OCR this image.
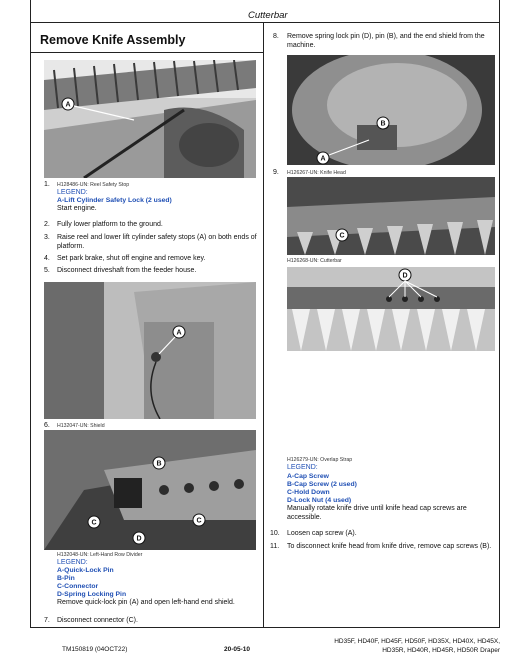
Cutterbar
Remove Knife Assembly
A
1. H128486-UN: Reel Safety Stop
LEGEND:
A-Lift Cylinder Safety Lock (2 used)
Start engine.
2. Fully lower platform to the ground.
3. Raise reel and lower lift cylinder safety stops (A) on both ends of platform.
4. Set park brake, shut off engine and remove key.
5. Disconnect driveshaft from the feeder house.
A
6. H132047-UN: Shield
B
C	C
D
H132048-UN: Left-Hand Row Divider
LEGEND:
A-Quick-Lock Pin
B-Pin
C-Connector
D-Spring Locking Pin
Remove quick-lock pin (A) and open left-hand end shield.
7. Disconnect connector (C).
8. Remove spring lock pin (D), pin (B), and the end shield from the machine.
B
A
9. H126267-UN: Knife Head
C
H126268-UN: Cutterbar
D
H126279-UN: Overlap Strap
LEGEND:
A-Cap Screw
B-Cap Screw (2 used)
C-Hold Down
D-Lock Nut (4 used)
Manually rotate knife drive until knife head cap screws are accessible.
10. Loosen cap screw (A).
11. To disconnect knife head from knife drive, remove cap screws (B).
TM150819 (04OCT22)	20-05-10
HD35F, HD40F, HD45F, HD50F, HD35X, HD40X, HD45X,
HD35R, HD40R, HD45R, HD50R Draper
